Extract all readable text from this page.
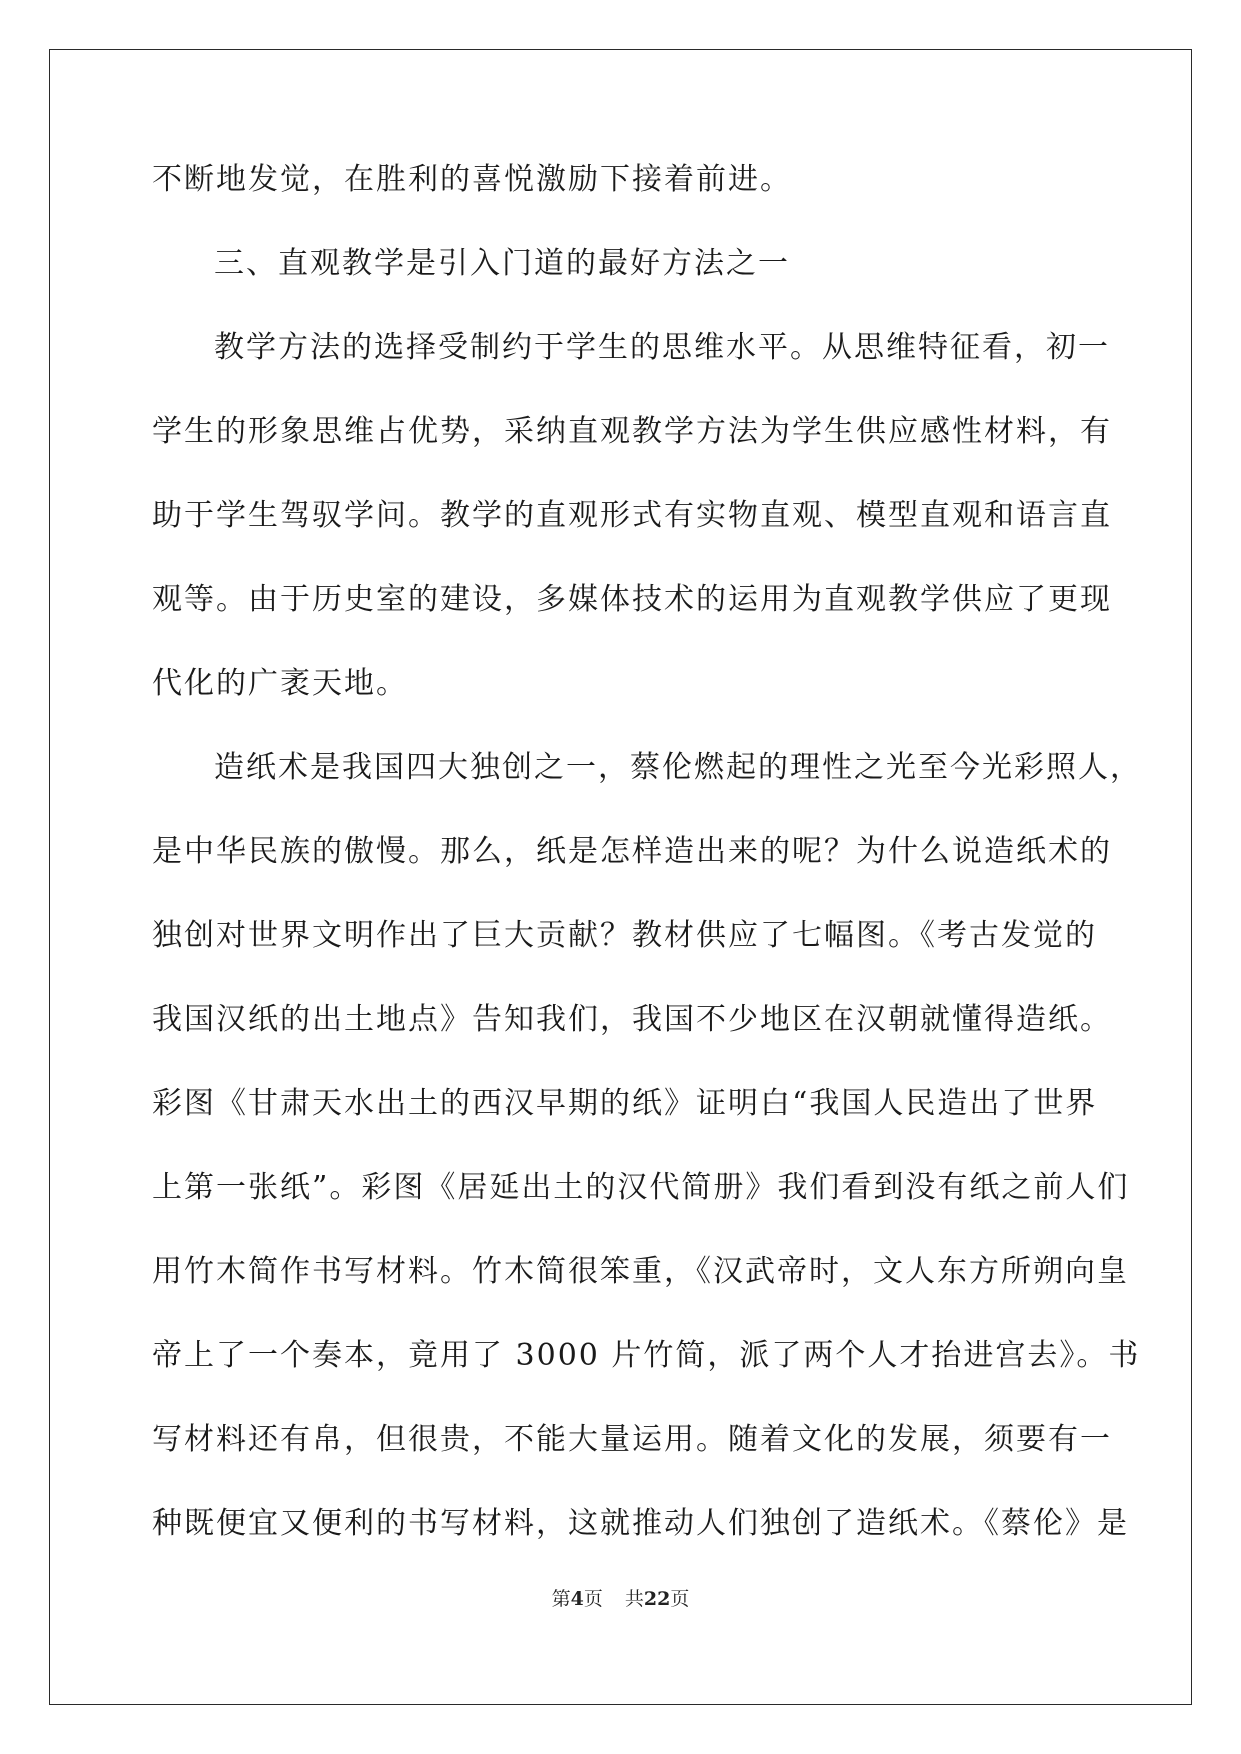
不断地发觉，在胜利的喜悦激励下接着前进。
三、直观教学是引入门道的最好方法之一
教学方法的选择受制约于学生的思维水平。从思维特征看，初一
学生的形象思维占优势，采纳直观教学方法为学生供应感性材料，有
助于学生驾驭学问。教学的直观形式有实物直观、模型直观和语言直
观等。由于历史室的建设，多媒体技术的运用为直观教学供应了更现
代化的广袤天地。
造纸术是我国四大独创之一，蔡伦燃起的理性之光至今光彩照人，
是中华民族的傲慢。那么，纸是怎样造出来的呢？为什么说造纸术的
独创对世界文明作出了巨大贡献？教材供应了七幅图。《考古发觉的
我国汉纸的出土地点》告知我们，我国不少地区在汉朝就懂得造纸。
彩图《甘肃天水出土的西汉早期的纸》证明白“我国人民造出了世界
上第一张纸”。彩图《居延出土的汉代简册》我们看到没有纸之前人们
用竹木简作书写材料。竹木简很笨重，《汉武帝时，文人东方所朔向皇
帝上了一个奏本，竟用了 3000 片竹简，派了两个人才抬进宫去》。书
写材料还有帛，但很贵，不能大量运用。随着文化的发展，须要有一
种既便宜又便利的书写材料，这就推动人们独创了造纸术。《蔡伦》是
第4页 共22页
